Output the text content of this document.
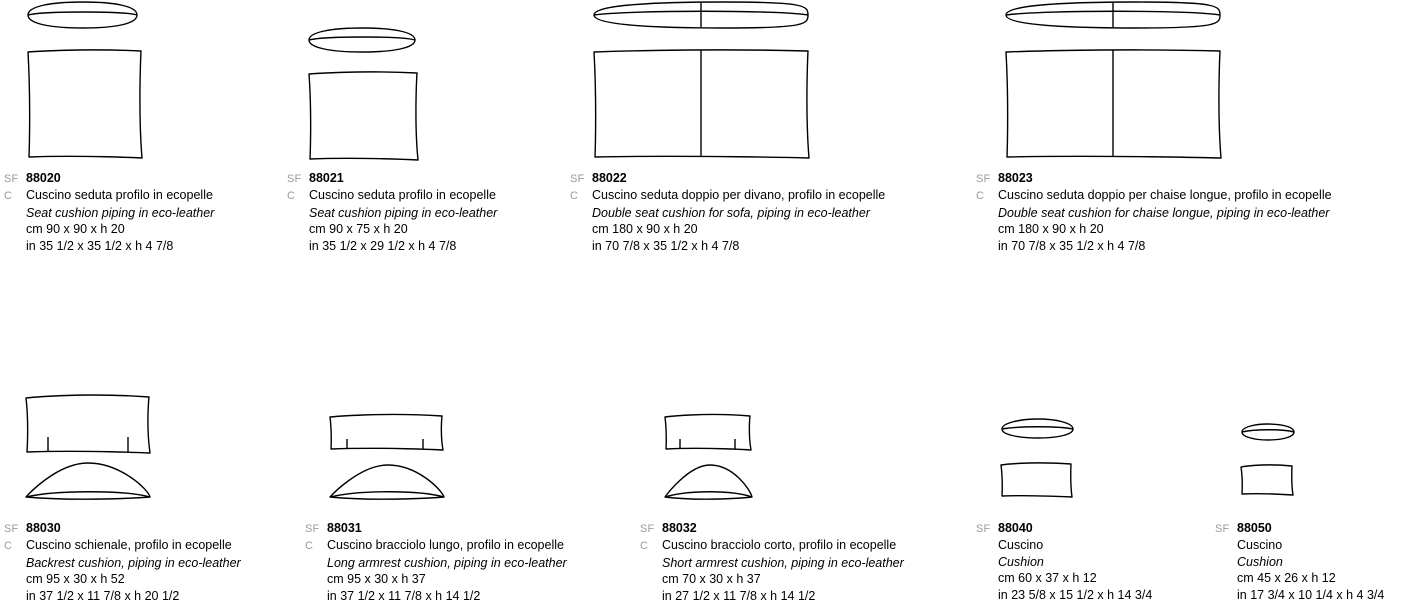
SF 88020
C	Cuscino seduta profilo in ecopelle
Seat cushion piping in eco-leather
cm 90 x 90 x h 20
in 35 1/2 x 35 1/2 x h 4 7/8
SF 88021
C	Cuscino seduta profilo in ecopelle
Seat cushion piping in eco-leather
cm 90 x 75 x h 20
in 35 1/2 x 29 1/2 x h 4 7/8
SF 88022
C	Cuscino seduta doppio per divano, profilo in ecopelle
Double seat cushion for sofa, piping in eco-leather
cm 180 x 90 x h 20
in 70 7/8 x 35 1/2 x h 4 7/8
SF 88023
C	Cuscino seduta doppio per chaise longue, profilo in ecopelle
Double seat cushion for chaise longue, piping in eco-leather
cm 180 x 90 x h 20
in 70 7/8 x 35 1/2 x h 4 7/8
SF 88030
C	Cuscino schienale, profilo in ecopelle
Backrest cushion, piping in eco-leather
cm 95 x 30 x h 52
in 37 1/2 x 11 7/8 x h 20 1/2
SF 88031
C	Cuscino bracciolo lungo, profilo in ecopelle
Long armrest cushion, piping in eco-leather
cm 95 x 30 x h 37
in 37 1/2 x 11 7/8 x h 14 1/2
SF 88032
C	Cuscino bracciolo corto, profilo in ecopelle
Short armrest cushion, piping in eco-leather
cm 70 x 30 x h 37
in 27 1/2 x 11 7/8 x h 14 1/2
SF 88040
Cuscino
Cushion
cm 60 x 37 x h 12
in 23 5/8 x 15 1/2 x h 14 3/4
SF 88050
Cuscino
Cushion
cm 45 x 26 x h 12
in 17 3/4 x 10 1/4 x h 4 3/4
